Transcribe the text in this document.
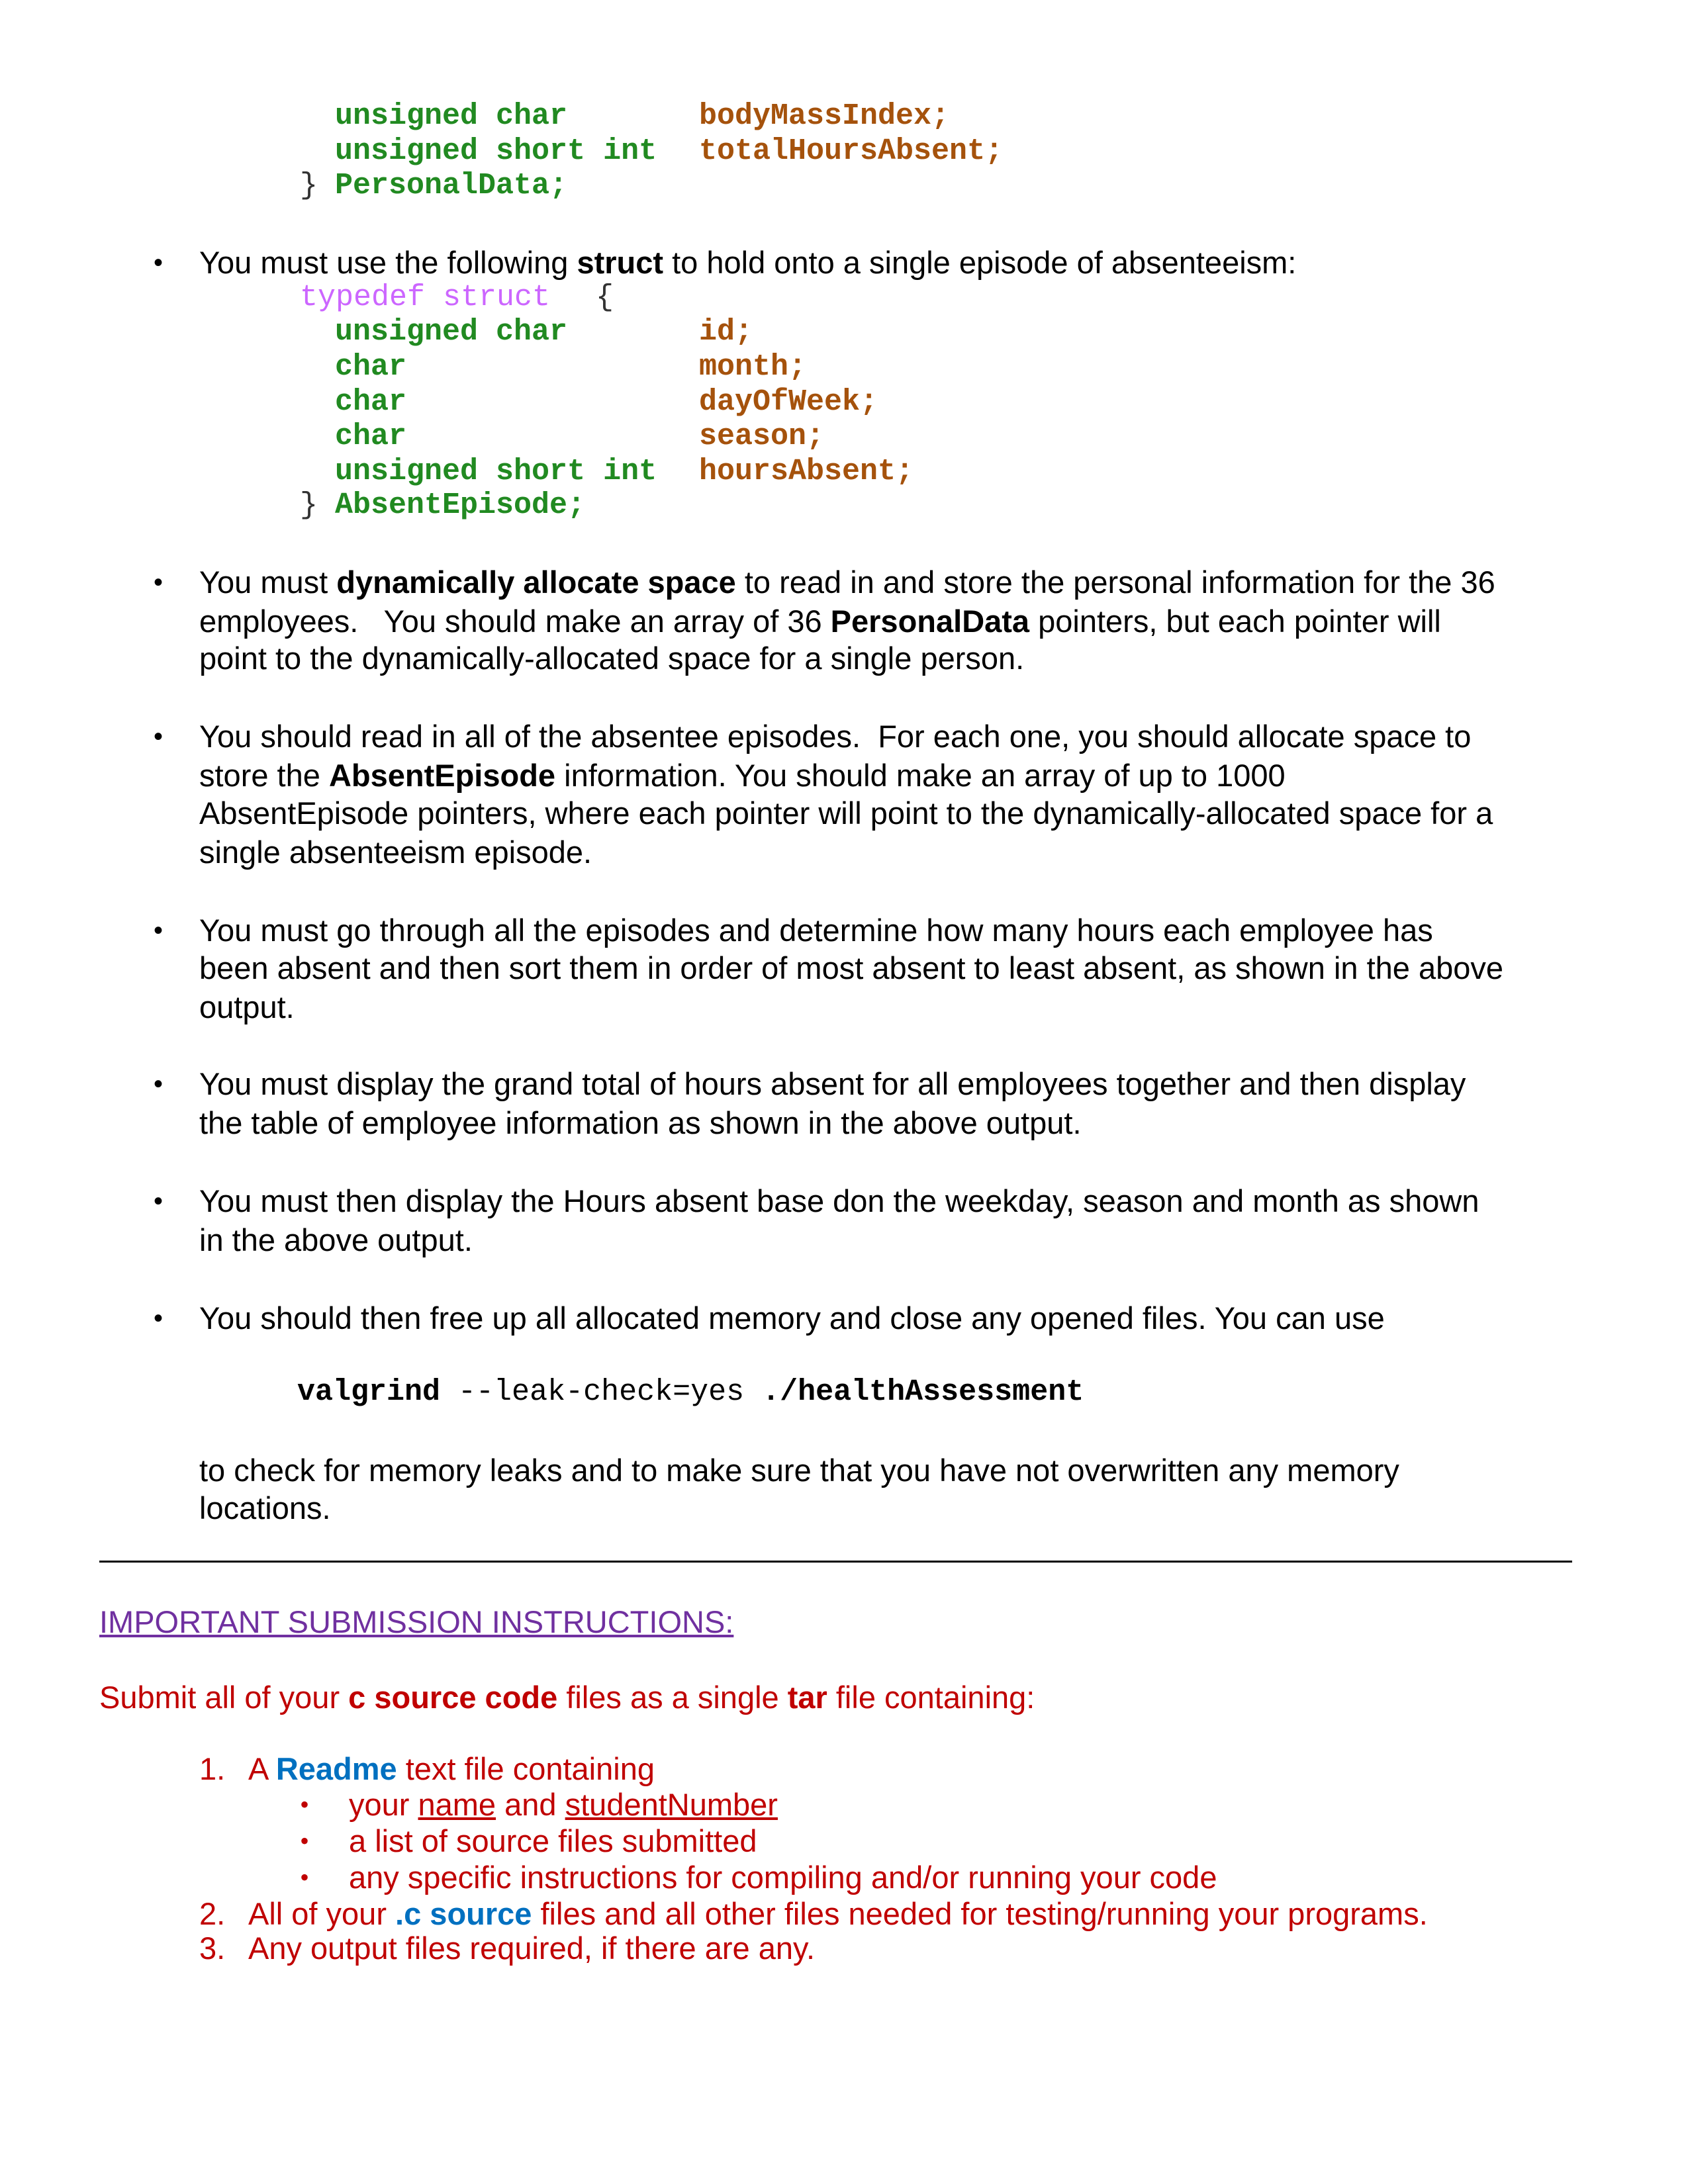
unsigned char	bodyMassIndex;
unsigned short int totalHoursAbsent;
} PersonalData;
• You must use the following struct to hold onto a single episode of absenteeism:
typedef struct {
unsigned char	id;
char	month;
char	dayOfWeek;
char	season;
unsigned short int hoursAbsent;
} AbsentEpisode;
• You must dynamically allocate space to read in and store the personal information for the 36
employees.   You should make an array of 36 PersonalData pointers, but each pointer will
point to the dynamically-allocated space for a single person.
• You should read in all of the absentee episodes.  For each one, you should allocate space to
store the AbsentEpisode information. You should make an array of up to 1000
AbsentEpisode pointers, where each pointer will point to the dynamically-allocated space for a
single absenteeism episode.
• You must go through all the episodes and determine how many hours each employee has
been absent and then sort them in order of most absent to least absent, as shown in the above
output.
• You must display the grand total of hours absent for all employees together and then display
the table of employee information as shown in the above output.
• You must then display the Hours absent base don the weekday, season and month as shown
in the above output.
• You should then free up all allocated memory and close any opened files. You can use
valgrind --leak-check=yes ./healthAssessment
to check for memory leaks and to make sure that you have not overwritten any memory
locations.
IMPORTANT SUBMISSION INSTRUCTIONS:
Submit all of your c source code files as a single tar file containing:
1. A Readme text file containing
• your name and studentNumber
• a list of source files submitted
• any specific instructions for compiling and/or running your code
2. All of your .c source files and all other files needed for testing/running your programs.
3. Any output files required, if there are any.
